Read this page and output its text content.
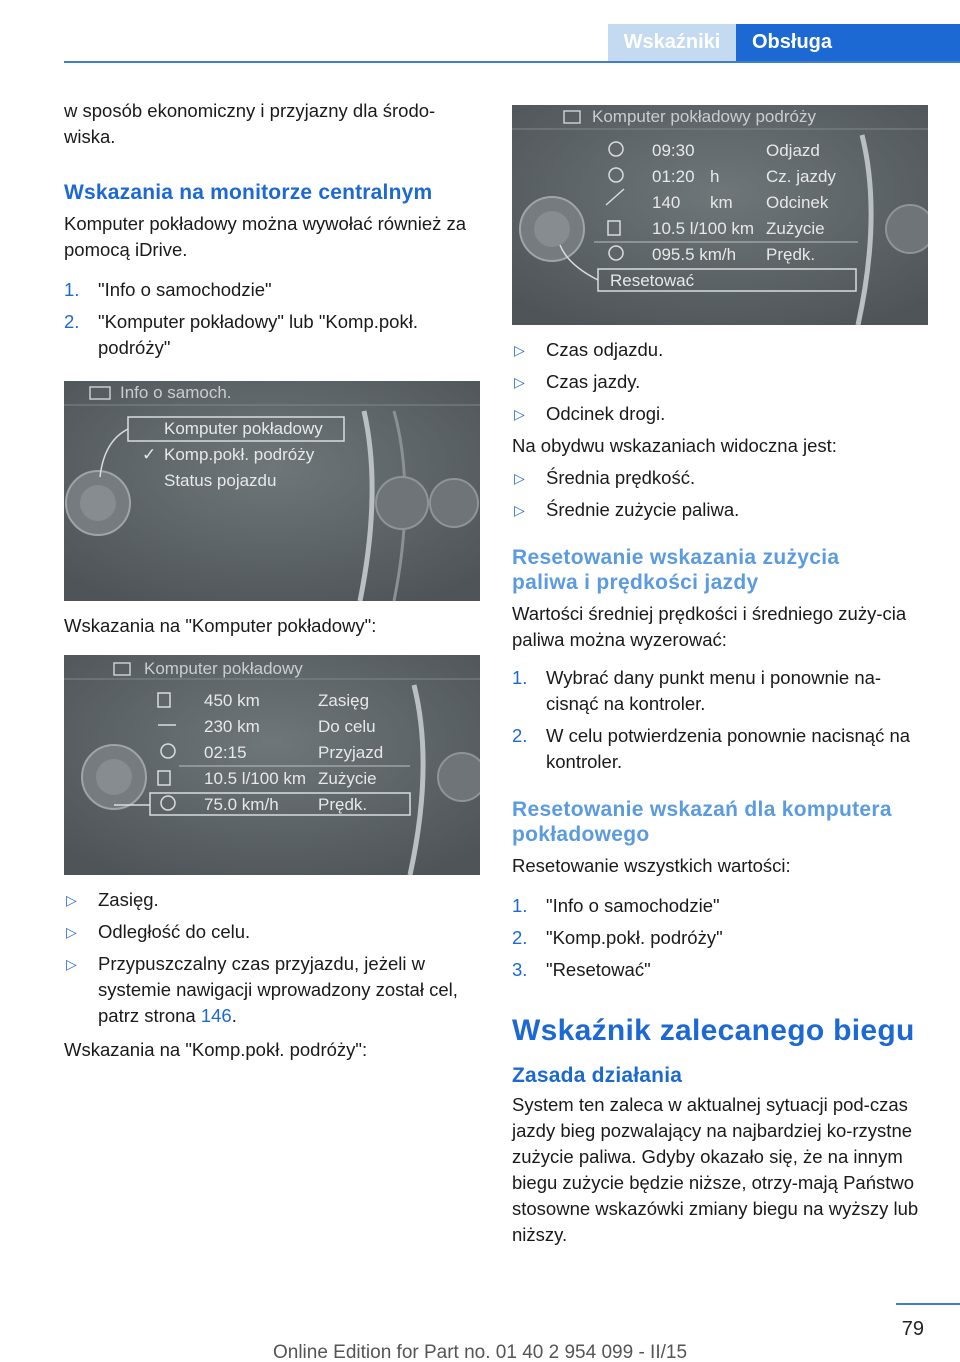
Wskaźniki	Obsługa

w sposób ekonomiczny i przyjazny dla środo-wiska.

Wskazania na monitorze centralnym

Komputer pokładowy można wywołać również za pomocą iDrive.

1. "Info o samochodzie"
2. "Komputer pokładowy" lub "Komp.pokł. podróży"
Info o samoch.
Komputer pokładowy
✓ Komp.pokł. podróży
Status pojazdu

Wskazania na "Komputer pokładowy":

Komputer pokładowy
450 km	Zasięg
230 km	Do celu
02:15	Przyjazd
10.5 l/100 km Zużycie
75.0 km/h Prędk.
▷ Zasięg.
▷ Odległość do celu.
▷ Przypuszczalny czas przyjazdu, jeżeli w systemie nawigacji wprowadzony został cel, patrz strona 146.

Wskazania na "Komp.pokł. podróży":

Komputer pokładowy podróży
09:30	Odjazd
01:20 h	Cz. jazdy
140 km Odcinek
10.5 l/100 km Zużycie
095.5 km/h Prędk.
Resetować
▷ Czas odjazdu.
▷ Czas jazdy.
▷ Odcinek drogi.

Na obydwu wskazaniach widoczna jest:

▷ Średnia prędkość.
▷ Średnie zużycie paliwa.
Resetowanie wskazania zużycia paliwa i prędkości jazdy

Wartości średniej prędkości i średniego zuży-cia paliwa można wyzerować:

1. Wybrać dany punkt menu i ponownie na-cisnąć na kontroler.
2. W celu potwierdzenia ponownie nacisnąć na kontroler.
Resetowanie wskazań dla komputera pokładowego

Resetowanie wszystkich wartości:

1. "Info o samochodzie"
2. "Komp.pokł. podróży"
3. "Resetować"
Wskaźnik zalecanego biegu
Zasada działania

System ten zaleca w aktualnej sytuacji pod-czas jazdy bieg pozwalający na najbardziej ko-rzystne zużycie paliwa. Gdyby okazało się, że na innym biegu zużycie będzie niższe, otrzy-mają Państwo stosowne wskazówki zmiany biegu na wyższy lub niższy.

79
Online Edition for Part no. 01 40 2 954 099 - II/15
